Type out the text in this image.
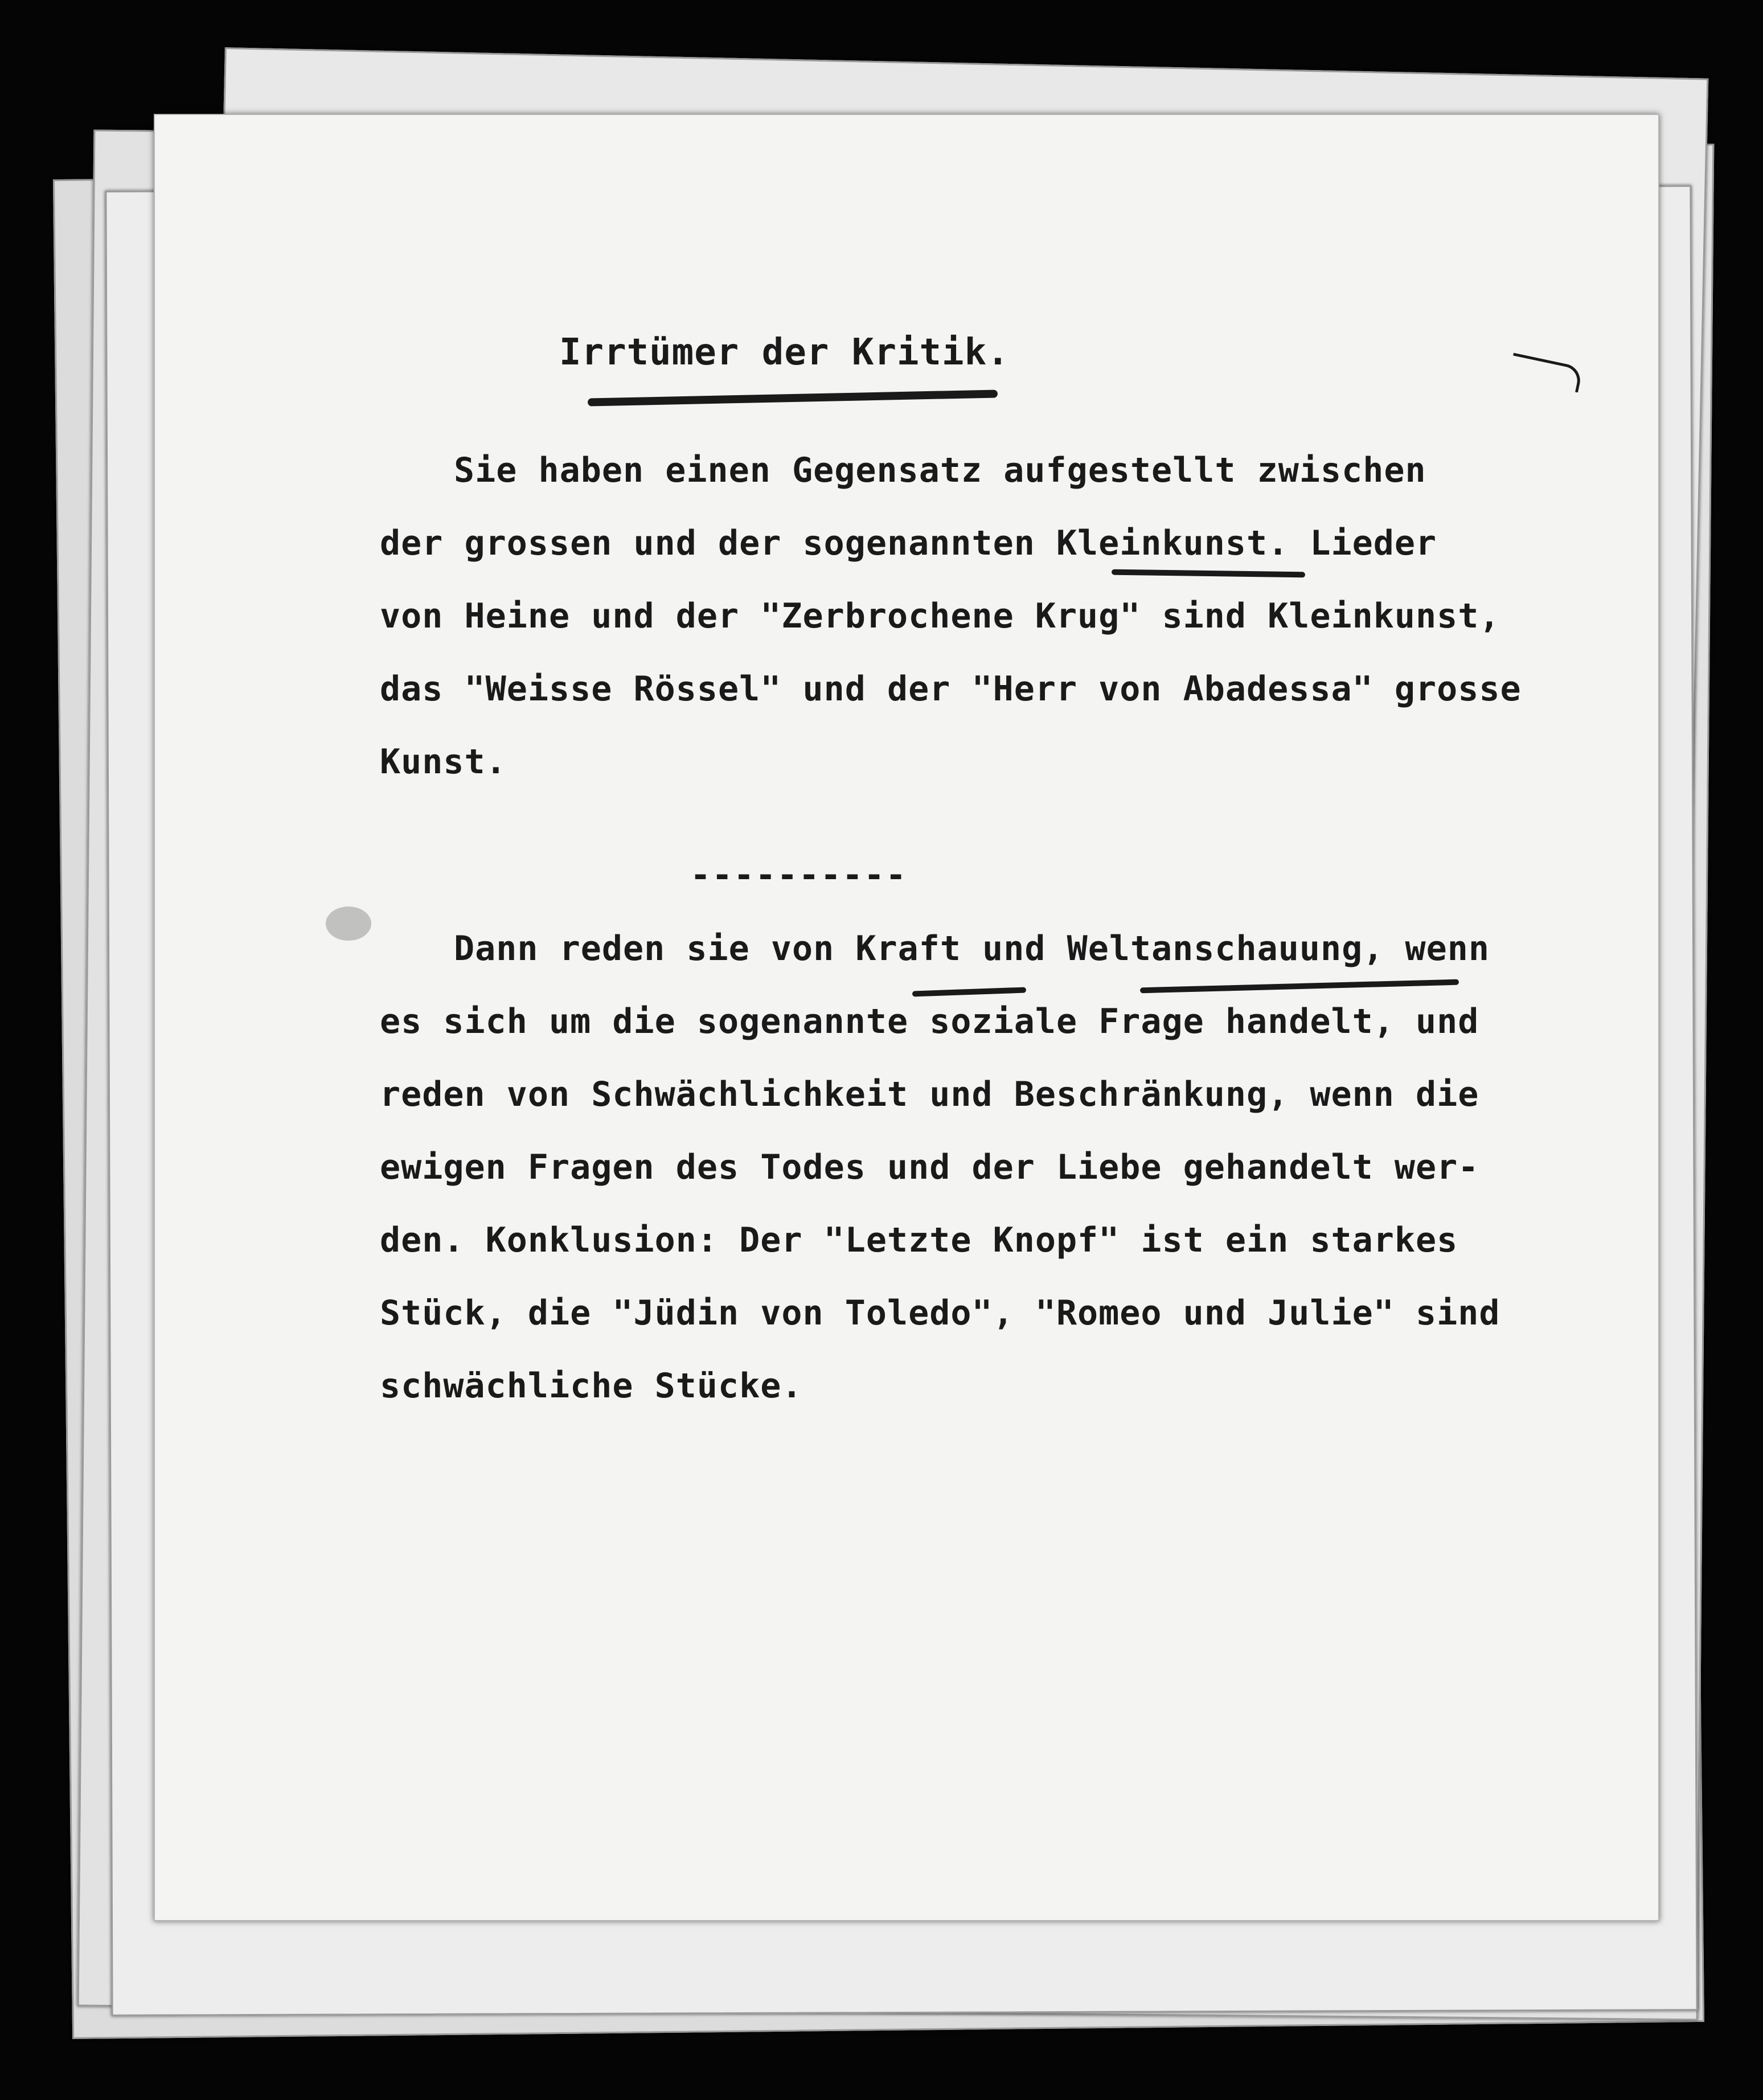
Irrtümer der Kritik.
Sie haben einen Gegensatz aufgestellt zwischen
der grossen und der sogenannten Kleinkunst. Lieder
von Heine und der "Zerbrochene Krug" sind Kleinkunst,
das "Weisse Rössel" und der "Herr von Abadessa" grosse
Kunst.
----------
Dann reden sie von Kraft und Weltanschauung, wenn
es sich um die sogenannte soziale Frage handelt, und
reden von Schwächlichkeit und Beschränkung, wenn die
ewigen Fragen des Todes und der Liebe gehandelt wer-
den. Konklusion: Der "Letzte Knopf" ist ein starkes
Stück, die "Jüdin von Toledo", "Romeo und Julie" sind
schwächliche Stücke.
